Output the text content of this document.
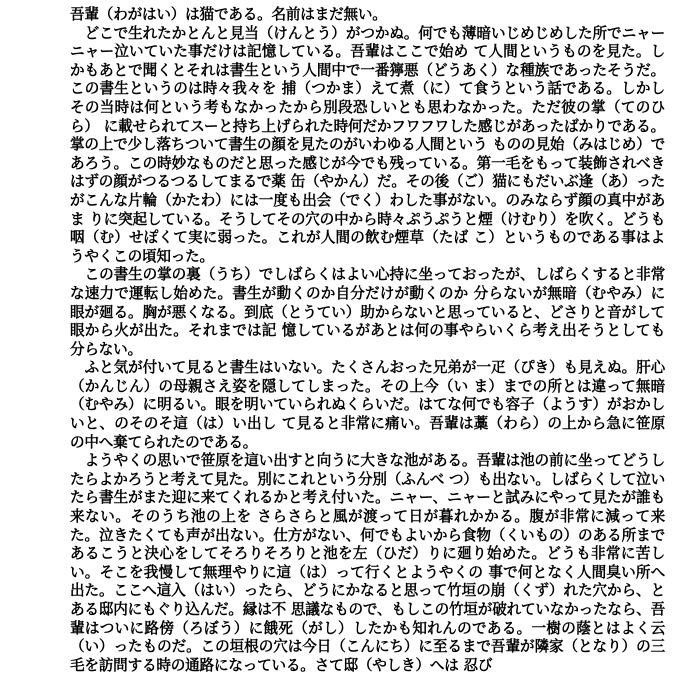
吾輩（わがはい）は猫である。名前はまだ無い。

どこで生れたかとんと見当（けんとう）がつかぬ。何でも薄暗いじめじめした所でニャーニャー泣いていた事だけは記憶している。吾輩はここで始め て人間というものを見た。しかもあとで聞くとそれは書生という人間中で一番獰悪（どうあく）な種族であったそうだ。この書生というのは時々我々を 捕（つかま）えて煮（に）て食うという話である。しかしその当時は何という考もなかったから別段恐しいとも思わなかった。ただ彼の掌（てのひら） に載せられてスーと持ち上げられた時何だかフワフワした感じがあったばかりである。掌の上で少し落ちついて書生の顔を見たのがいわゆる人間という ものの見始（みはじめ）であろう。この時妙なものだと思った感じが今でも残っている。第一毛をもって装飾されべきはずの顔がつるつるしてまるで薬 缶（やかん）だ。その後（ご）猫にもだいぶ逢（あ）ったがこんな片輪（かたわ）には一度も出会（でく）わした事がない。のみならず顔の真中があま りに突起している。そうしてその穴の中から時々ぷうぷうと煙（けむり）を吹く。どうも咽（む）せぽくて実に弱った。これが人間の飲む煙草（たば こ）というものである事はようやくこの頃知った。

この書生の掌の裏（うち）でしばらくはよい心持に坐っておったが、しばらくすると非常な速力で運転し始めた。書生が動くのか自分だけが動くのか 分らないが無暗（むやみ）に眼が廻る。胸が悪くなる。到底（とうてい）助からないと思っていると、どさりと音がして眼から火が出た。それまでは記 憶しているがあとは何の事やらいくら考え出そうとしても分らない。

ふと気が付いて見ると書生はいない。たくさんおった兄弟が一疋（ぴき）も見えぬ。肝心（かんじん）の母親さえ姿を隠してしまった。その上今（い ま）までの所とは違って無暗（むやみ）に明るい。眼を明いていられぬくらいだ。はてな何でも容子（ようす）がおかしいと、のそのそ這（は）い出し て見ると非常に痛い。吾輩は藁（わら）の上から急に笹原の中へ棄てられたのである。

ようやくの思いで笹原を這い出すと向うに大きな池がある。吾輩は池の前に坐ってどうしたらよかろうと考えて見た。別にこれという分別（ふんべ つ）も出ない。しばらくして泣いたら書生がまた迎に来てくれるかと考え付いた。ニャー、ニャーと試みにやって見たが誰も来ない。そのうち池の上を さらさらと風が渡って日が暮れかかる。腹が非常に減って来た。泣きたくても声が出ない。仕方がない、何でもよいから食物（くいもの）のある所まで あるこうと決心をしてそろりそろりと池を左（ひだ）りに廻り始めた。どうも非常に苦しい。そこを我慢して無理やりに這（は）って行くとようやくの 事で何となく人間臭い所へ出た。ここへ這入（はい）ったら、どうにかなると思って竹垣の崩（くず）れた穴から、とある邸内にもぐり込んだ。縁は不 思議なもので、もしこの竹垣が破れていなかったなら、吾輩はついに路傍（ろぼう）に餓死（がし）したかも知れんのである。一樹の蔭とはよく云 （い）ったものだ。この垣根の穴は今日（こんにち）に至るまで吾輩が隣家（となり）の三毛を訪問する時の通路になっている。さて邸（やしき）へは 忍び
